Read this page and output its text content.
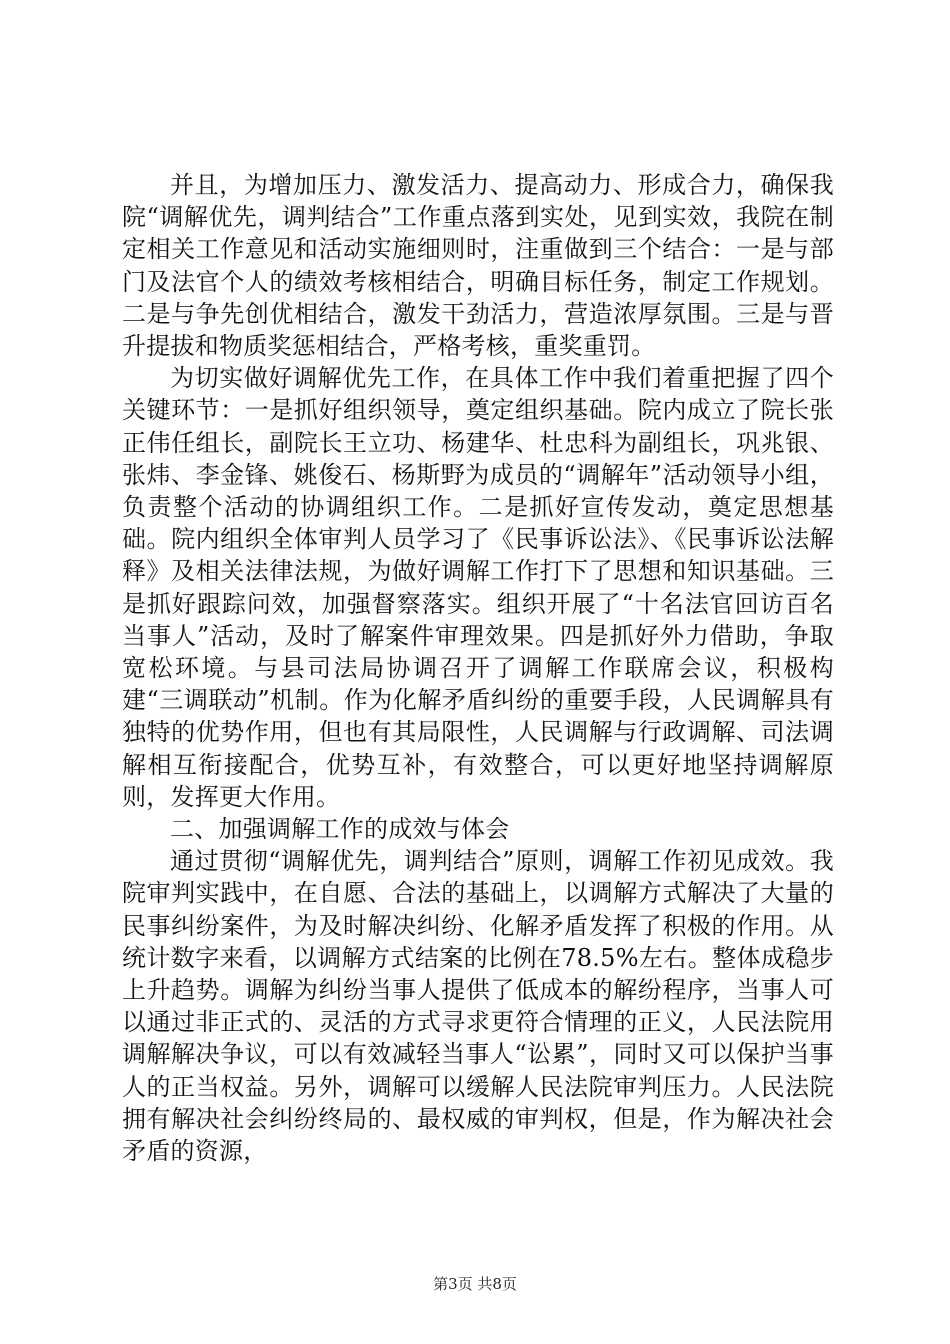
并且，为增加压力、激发活力、提高动力、形成合力，确保我院“调解优先，调判结合”工作重点落到实处，见到实效，我院在制定相关工作意见和活动实施细则时，注重做到三个结合：一是与部门及法官个人的绩效考核相结合，明确目标任务，制定工作规划。二是与争先创优相结合，激发干劲活力，营造浓厚氛围。三是与晋升提拔和物质奖惩相结合，严格考核，重奖重罚。

为切实做好调解优先工作，在具体工作中我们着重把握了四个关键环节：一是抓好组织领导，奠定组织基础。院内成立了院长张正伟任组长，副院长王立功、杨建华、杜忠科为副组长，巩兆银、张炜、李金锋、姚俊石、杨斯野为成员的“调解年”活动领导小组，负责整个活动的协调组织工作。二是抓好宣传发动，奠定思想基础。院内组织全体审判人员学习了《民事诉讼法》、《民事诉讼法解释》及相关法律法规，为做好调解工作打下了思想和知识基础。三是抓好跟踪问效，加强督察落实。组织开展了“十名法官回访百名当事人”活动，及时了解案件审理效果。四是抓好外力借助，争取宽松环境。与县司法局协调召开了调解工作联席会议，积极构建“三调联动”机制。作为化解矛盾纠纷的重要手段，人民调解具有独特的优势作用，但也有其局限性，人民调解与行政调解、司法调解相互衔接配合，优势互补，有效整合，可以更好地坚持调解原则，发挥更大作用。

二、加强调解工作的成效与体会

通过贯彻“调解优先，调判结合”原则，调解工作初见成效。我院审判实践中，在自愿、合法的基础上，以调解方式解决了大量的民事纠纷案件，为及时解决纠纷、化解矛盾发挥了积极的作用。从统计数字来看，以调解方式结案的比例在78.5%左右。整体成稳步上升趋势。调解为纠纷当事人提供了低成本的解纷程序，当事人可以通过非正式的、灵活的方式寻求更符合情理的正义，人民法院用调解解决争议，可以有效减轻当事人“讼累”，同时又可以保护当事人的正当权益。另外，调解可以缓解人民法院审判压力。人民法院拥有解决社会纠纷终局的、最权威的审判权，但是，作为解决社会矛盾的资源，

第3页 共8页
